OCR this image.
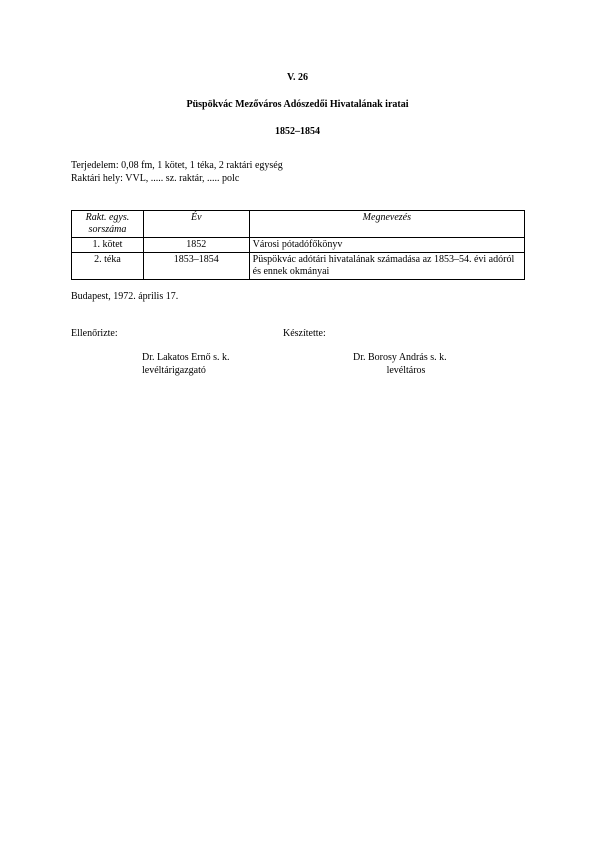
V. 26

Püspökvác Mezőváros Adószedői Hivatalának iratai

1852–1854

Terjedelem: 0,08 fm, 1 kötet, 1 téka, 2 raktári egység

Raktári hely: VVL, ..... sz. raktár, ..... polc

Rakt. egys. sorszáma	Év	Megnevezés
1. kötet	1852	Városi pótadófőkönyv
2. téka	1853–1854	Püspökvác adótári hivatalának számadása az 1853–54. évi adóról és ennek okmányai

Budapest, 1972. április 17.

Ellenőrizte:	Készítette:

Dr. Lakatos Ernő s. k.

levéltárigazgató

Dr. Borosy András s. k.

levéltáros
